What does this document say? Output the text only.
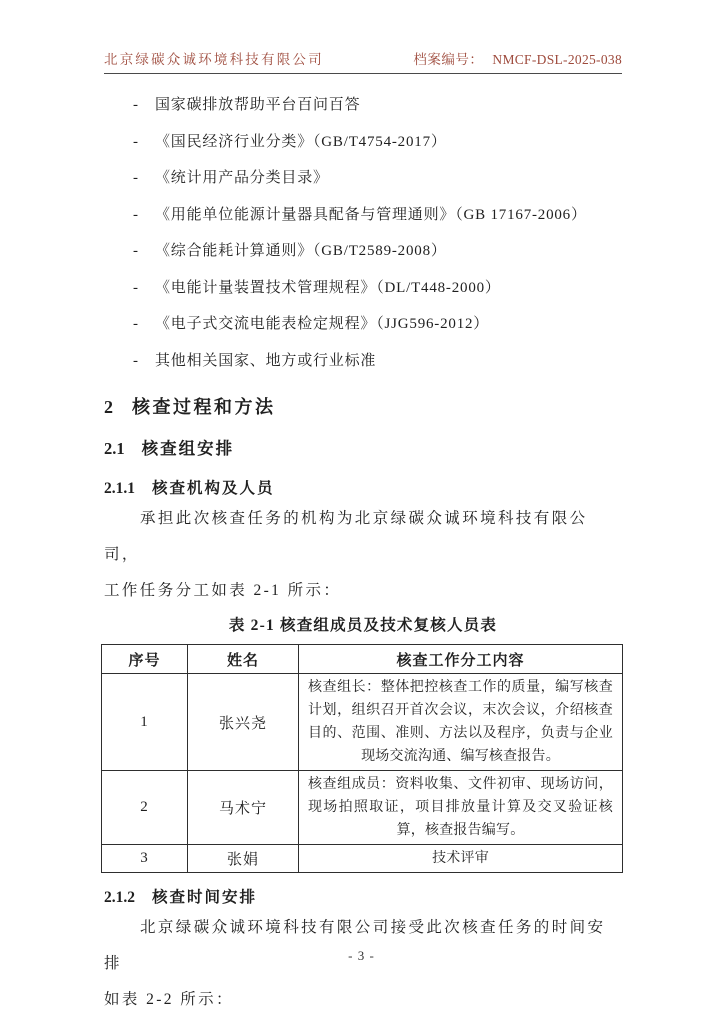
北京绿碳众诚环境科技有限公司	档案编号： NMCF-DSL-2025-038
- 国家碳排放帮助平台百问百答
- 《国民经济行业分类》（GB/T4754-2017）
- 《统计用产品分类目录》
- 《用能单位能源计量器具配备与管理通则》（GB 17167-2006）
- 《综合能耗计算通则》（GB/T2589-2008）
- 《电能计量装置技术管理规程》（DL/T448-2000）
- 《电子式交流电能表检定规程》（JJG596-2012）
- 其他相关国家、地方或行业标准
2 核查过程和方法
2.1 核查组安排
2.1.1 核查机构及人员
承担此次核查任务的机构为北京绿碳众诚环境科技有限公司，
工作任务分工如表 2-1 所示：
表 2-1 核查组成员及技术复核人员表
序号	姓名	核查工作分工内容
1	张兴尧	核查组长：整体把控核查工作的质量，编写核查计划，组织召开首次会议，末次会议，介绍核查目的、范围、准则、方法以及程序，负责与企业现场交流沟通、编写核查报告。
2	马术宁	核查组成员：资料收集、文件初审、现场访问，现场拍照取证，项目排放量计算及交叉验证核算，核查报告编写。
3	张娟	技术评审
2.1.2 核查时间安排
北京绿碳众诚环境科技有限公司接受此次核查任务的时间安排
如表 2-2 所示：
- 3 -
